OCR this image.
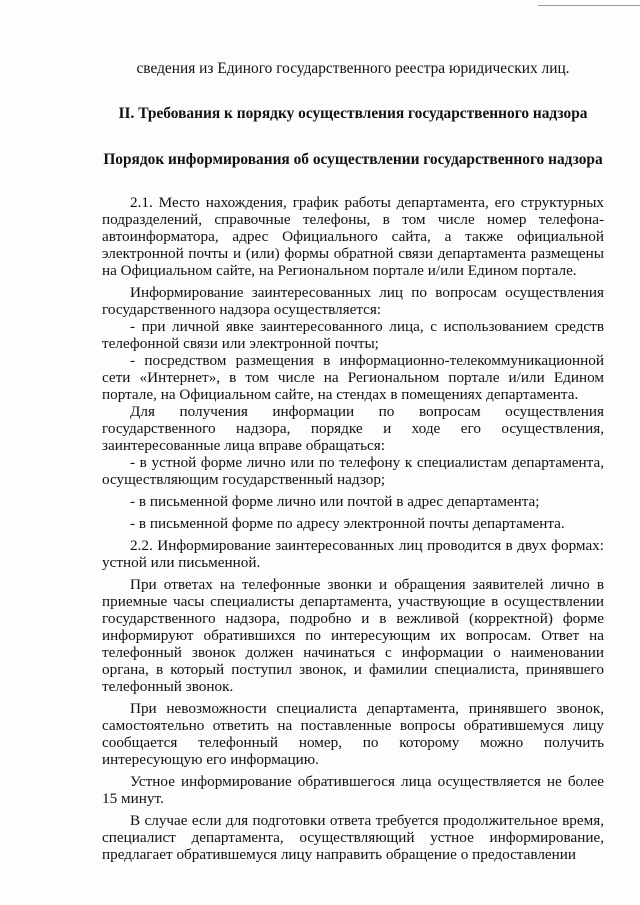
сведения из Единого государственного реестра юридических лиц.

II. Требования к порядку осуществления государственного надзора

Порядок информирования об осуществлении государственного надзора

2.1. Место нахождения, график работы департамента, его структурных подразделений, справочные телефоны, в том числе номер телефона-автоинформатора, адрес Официального сайта, а также официальной электронной почты и (или) формы обратной связи департамента размещены на Официальном сайте, на Региональном портале и/или Едином портале.

Информирование заинтересованных лиц по вопросам осуществления государственного надзора осуществляется:

- при личной явке заинтересованного лица, с использованием средств телефонной связи или электронной почты;

- посредством размещения в информационно-телекоммуникационной сети «Интернет», в том числе на Региональном портале и/или Едином портале, на Официальном сайте, на стендах в помещениях департамента.

Для получения информации по вопросам осуществления государственного надзора, порядке и ходе его осуществления, заинтересованные лица вправе обращаться:

- в устной форме лично или по телефону к специалистам департамента, осуществляющим государственный надзор;

- в письменной форме лично или почтой в адрес департамента;

- в письменной форме по адресу электронной почты департамента.

2.2. Информирование заинтересованных лиц проводится в двух формах: устной или письменной.

При ответах на телефонные звонки и обращения заявителей лично в приемные часы специалисты департамента, участвующие в осуществлении государственного надзора, подробно и в вежливой (корректной) форме информируют обратившихся по интересующим их вопросам. Ответ на телефонный звонок должен начинаться с информации о наименовании органа, в который поступил звонок, и фамилии специалиста, принявшего телефонный звонок.

При невозможности специалиста департамента, принявшего звонок, самостоятельно ответить на поставленные вопросы обратившемуся лицу сообщается телефонный номер, по которому можно получить интересующую его информацию.

Устное информирование обратившегося лица осуществляется не более 15 минут.

В случае если для подготовки ответа требуется продолжительное время, специалист департамента, осуществляющий устное информирование, предлагает обратившемуся лицу направить обращение о предоставлении
